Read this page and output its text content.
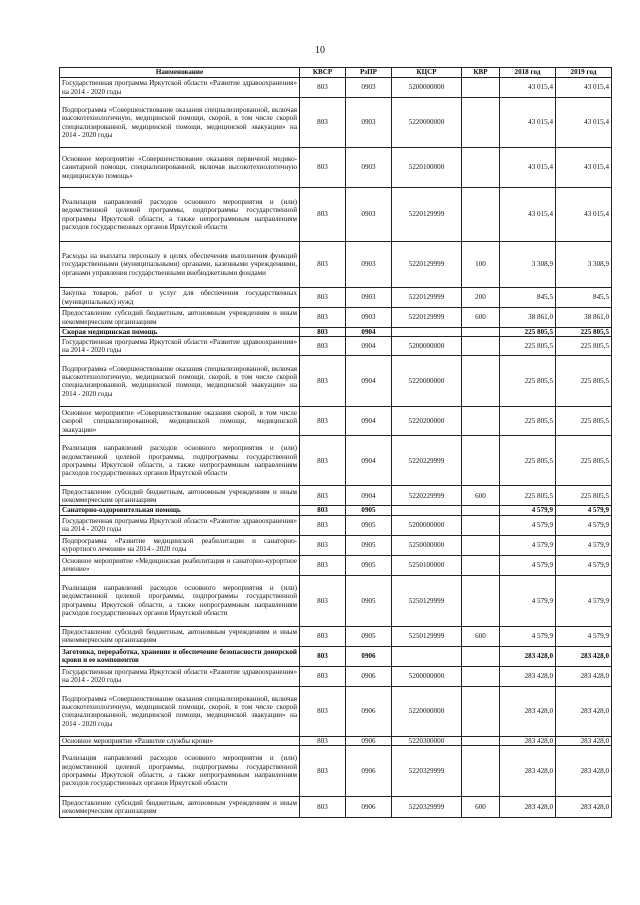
10
Наименование	КВСР	РзПР	КЦСР	КВР	2018 год	2019 год
Государственная программа Иркутской области «Развитие здравоохранения» на 2014 - 2020 годы	803	0903	5200000000		43 015,4	43 015,4
Подпрограмма «Совершенствование оказания специализированной, включая высокотехнологичную, медицинской помощи, скорой, в том числе скорой специализированной, медицинской помощи, медицинской эвакуации» на 2014 - 2020 годы	803	0903	5220000000		43 015,4	43 015,4
Основное мероприятие «Совершенствование оказания первичной медико-санитарной помощи, специализированной, включая высокотехнологичную медицинскую помощь»	803	0903	5220100000		43 015,4	43 015,4
Реализация направлений расходов основного мероприятия и (или) ведомственной целевой программы, подпрограммы государственной программы Иркутской области, а также непрограммным направлениям расходов государственных органов Иркутской области	803	0903	5220129999		43 015,4	43 015,4
Расходы на выплаты персоналу в целях обеспечения выполнения функций государственными (муниципальными) органами, казенными учреждениями, органами управления государственными внебюджетными фондами	803	0903	5220129999	100	3 308,9	3 308,9
Закупка товаров, работ и услуг для обеспечения государственных (муниципальных) нужд	803	0903	5220129999	200	845,5	845,5
Предоставление субсидий бюджетным, автономным учреждениям и иным некоммерческим организациям	803	0903	5220129999	600	38 861,0	38 861,0
Скорая медицинская помощь	803	0904			225 805,5	225 805,5
Государственная программа Иркутской области «Развитие здравоохранения» на 2014 - 2020 годы	803	0904	5200000000		225 805,5	225 805,5
Подпрограмма «Совершенствование оказания специализированной, включая высокотехнологичную, медицинской помощи, скорой, в том числе скорой специализированной, медицинской помощи, медицинской эвакуации» на 2014 - 2020 годы	803	0904	5220000000		225 805,5	225 805,5
Основное мероприятие «Совершенствование оказания скорой, в том числе скорой специализированной, медицинской помощи, медицинской эвакуации»	803	0904	5220200000		225 805,5	225 805,5
Реализация направлений расходов основного мероприятия и (или) ведомственной целевой программы, подпрограммы государственной программы Иркутской области, а также непрограммным направлениям расходов государственных органов Иркутской области	803	0904	5220229999		225 805,5	225 805,5
Предоставление субсидий бюджетным, автономным учреждениям и иным некоммерческим организациям	803	0904	5220229999	600	225 805,5	225 805,5
Санаторно-оздоровительная помощь	803	0905			4 579,9	4 579,9
Государственная программа Иркутской области «Развитие здравоохранения» на 2014 - 2020 годы	803	0905	5200000000		4 579,9	4 579,9
Подпрограмма «Развитие медицинской реабилитации и санаторно-курортного лечения» на 2014 - 2020 годы	803	0905	5250000000		4 579,9	4 579,9
Основное мероприятие «Медицинская реабилитация и санаторно-курортное лечение»	803	0905	5250100000		4 579,9	4 579,9
Реализация направлений расходов основного мероприятия и (или) ведомственной целевой программы, подпрограммы государственной программы Иркутской области, а также непрограммным направлениям расходов государственных органов Иркутской области	803	0905	5250129999		4 579,9	4 579,9
Предоставление субсидий бюджетным, автономным учреждениям и иным некоммерческим организациям	803	0905	5250129999	600	4 579,9	4 579,9
Заготовка, переработка, хранение и обеспечение безопасности донорской крови и ее компонентов	803	0906			283 428,0	283 428,0
Государственная программа Иркутской области «Развитие здравоохранения» на 2014 - 2020 годы	803	0906	5200000000		283 428,0	283 428,0
Подпрограмма «Совершенствование оказания специализированной, включая высокотехнологичную, медицинской помощи, скорой, в том числе скорой специализированной, медицинской помощи, медицинской эвакуации» на 2014 - 2020 годы	803	0906	5220000000		283 428,0	283 428,0
Основное мероприятие «Развитие службы крови»	803	0906	5220300000		283 428,0	283 428,0
Реализация направлений расходов основного мероприятия и (или) ведомственной целевой программы, подпрограммы государственной программы Иркутской области, а также непрограммным направлениям расходов государственных органов Иркутской области	803	0906	5220329999		283 428,0	283 428,0
Предоставление субсидий бюджетным, автономным учреждениям и иным некоммерческим организациям	803	0906	5220329999	600	283 428,0	283 428,0
